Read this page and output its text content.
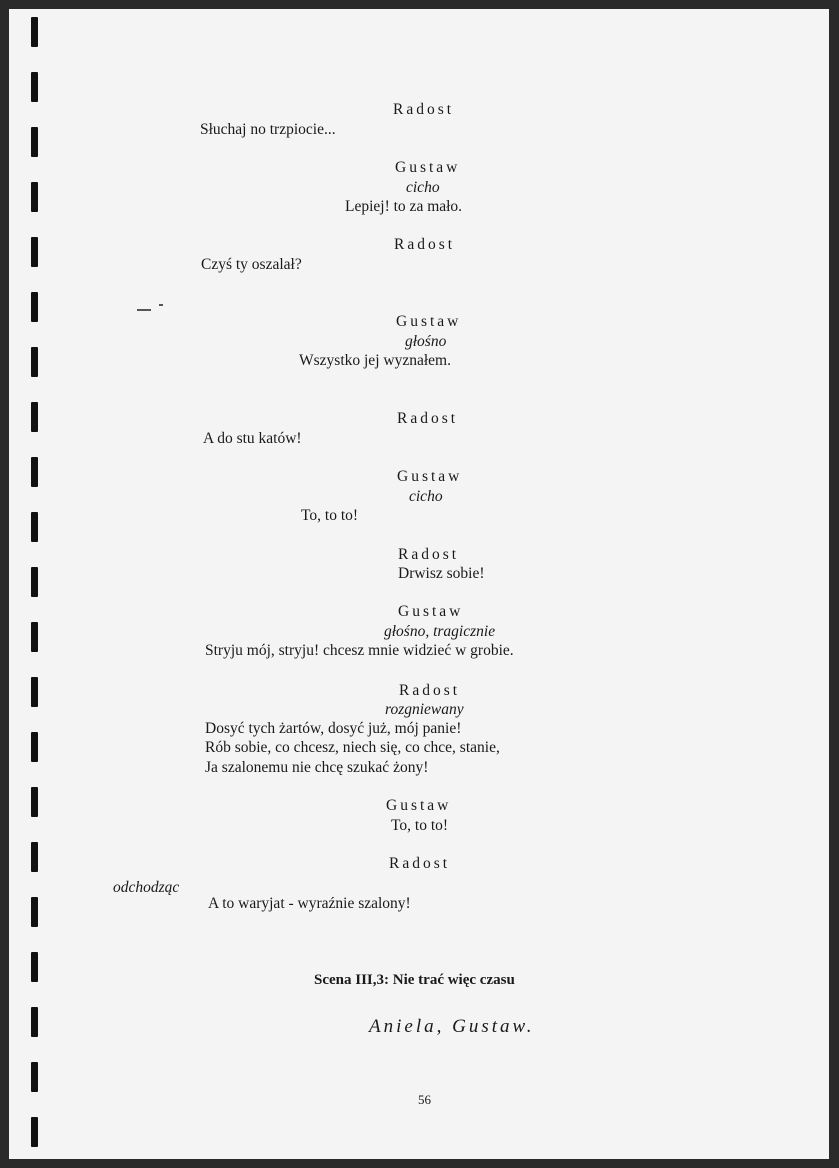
Radost
Słuchaj no trzpiocie...
Gustaw
cicho
Lepiej! to za mało.
Radost
Czyś ty oszalał?
Gustaw
głośno
Wszystko jej wyznałem.
Radost
A do stu katów!
Gustaw
cicho
To, to to!
Radost
Drwisz sobie!
Gustaw
głośno, tragicznie
Stryju mój, stryju! chcesz mnie widzieć w grobie.
Radost
rozgniewany
Dosyć tych żartów, dosyć już, mój panie!
Rób sobie, co chcesz, niech się, co chce, stanie,
Ja szalonemu nie chcę szukać żony!
Gustaw
To, to to!
Radost
odchodząc
A to waryjat - wyraźnie szalony!
Scena III,3: Nie trać więc czasu
Aniela, Gustaw.
56
